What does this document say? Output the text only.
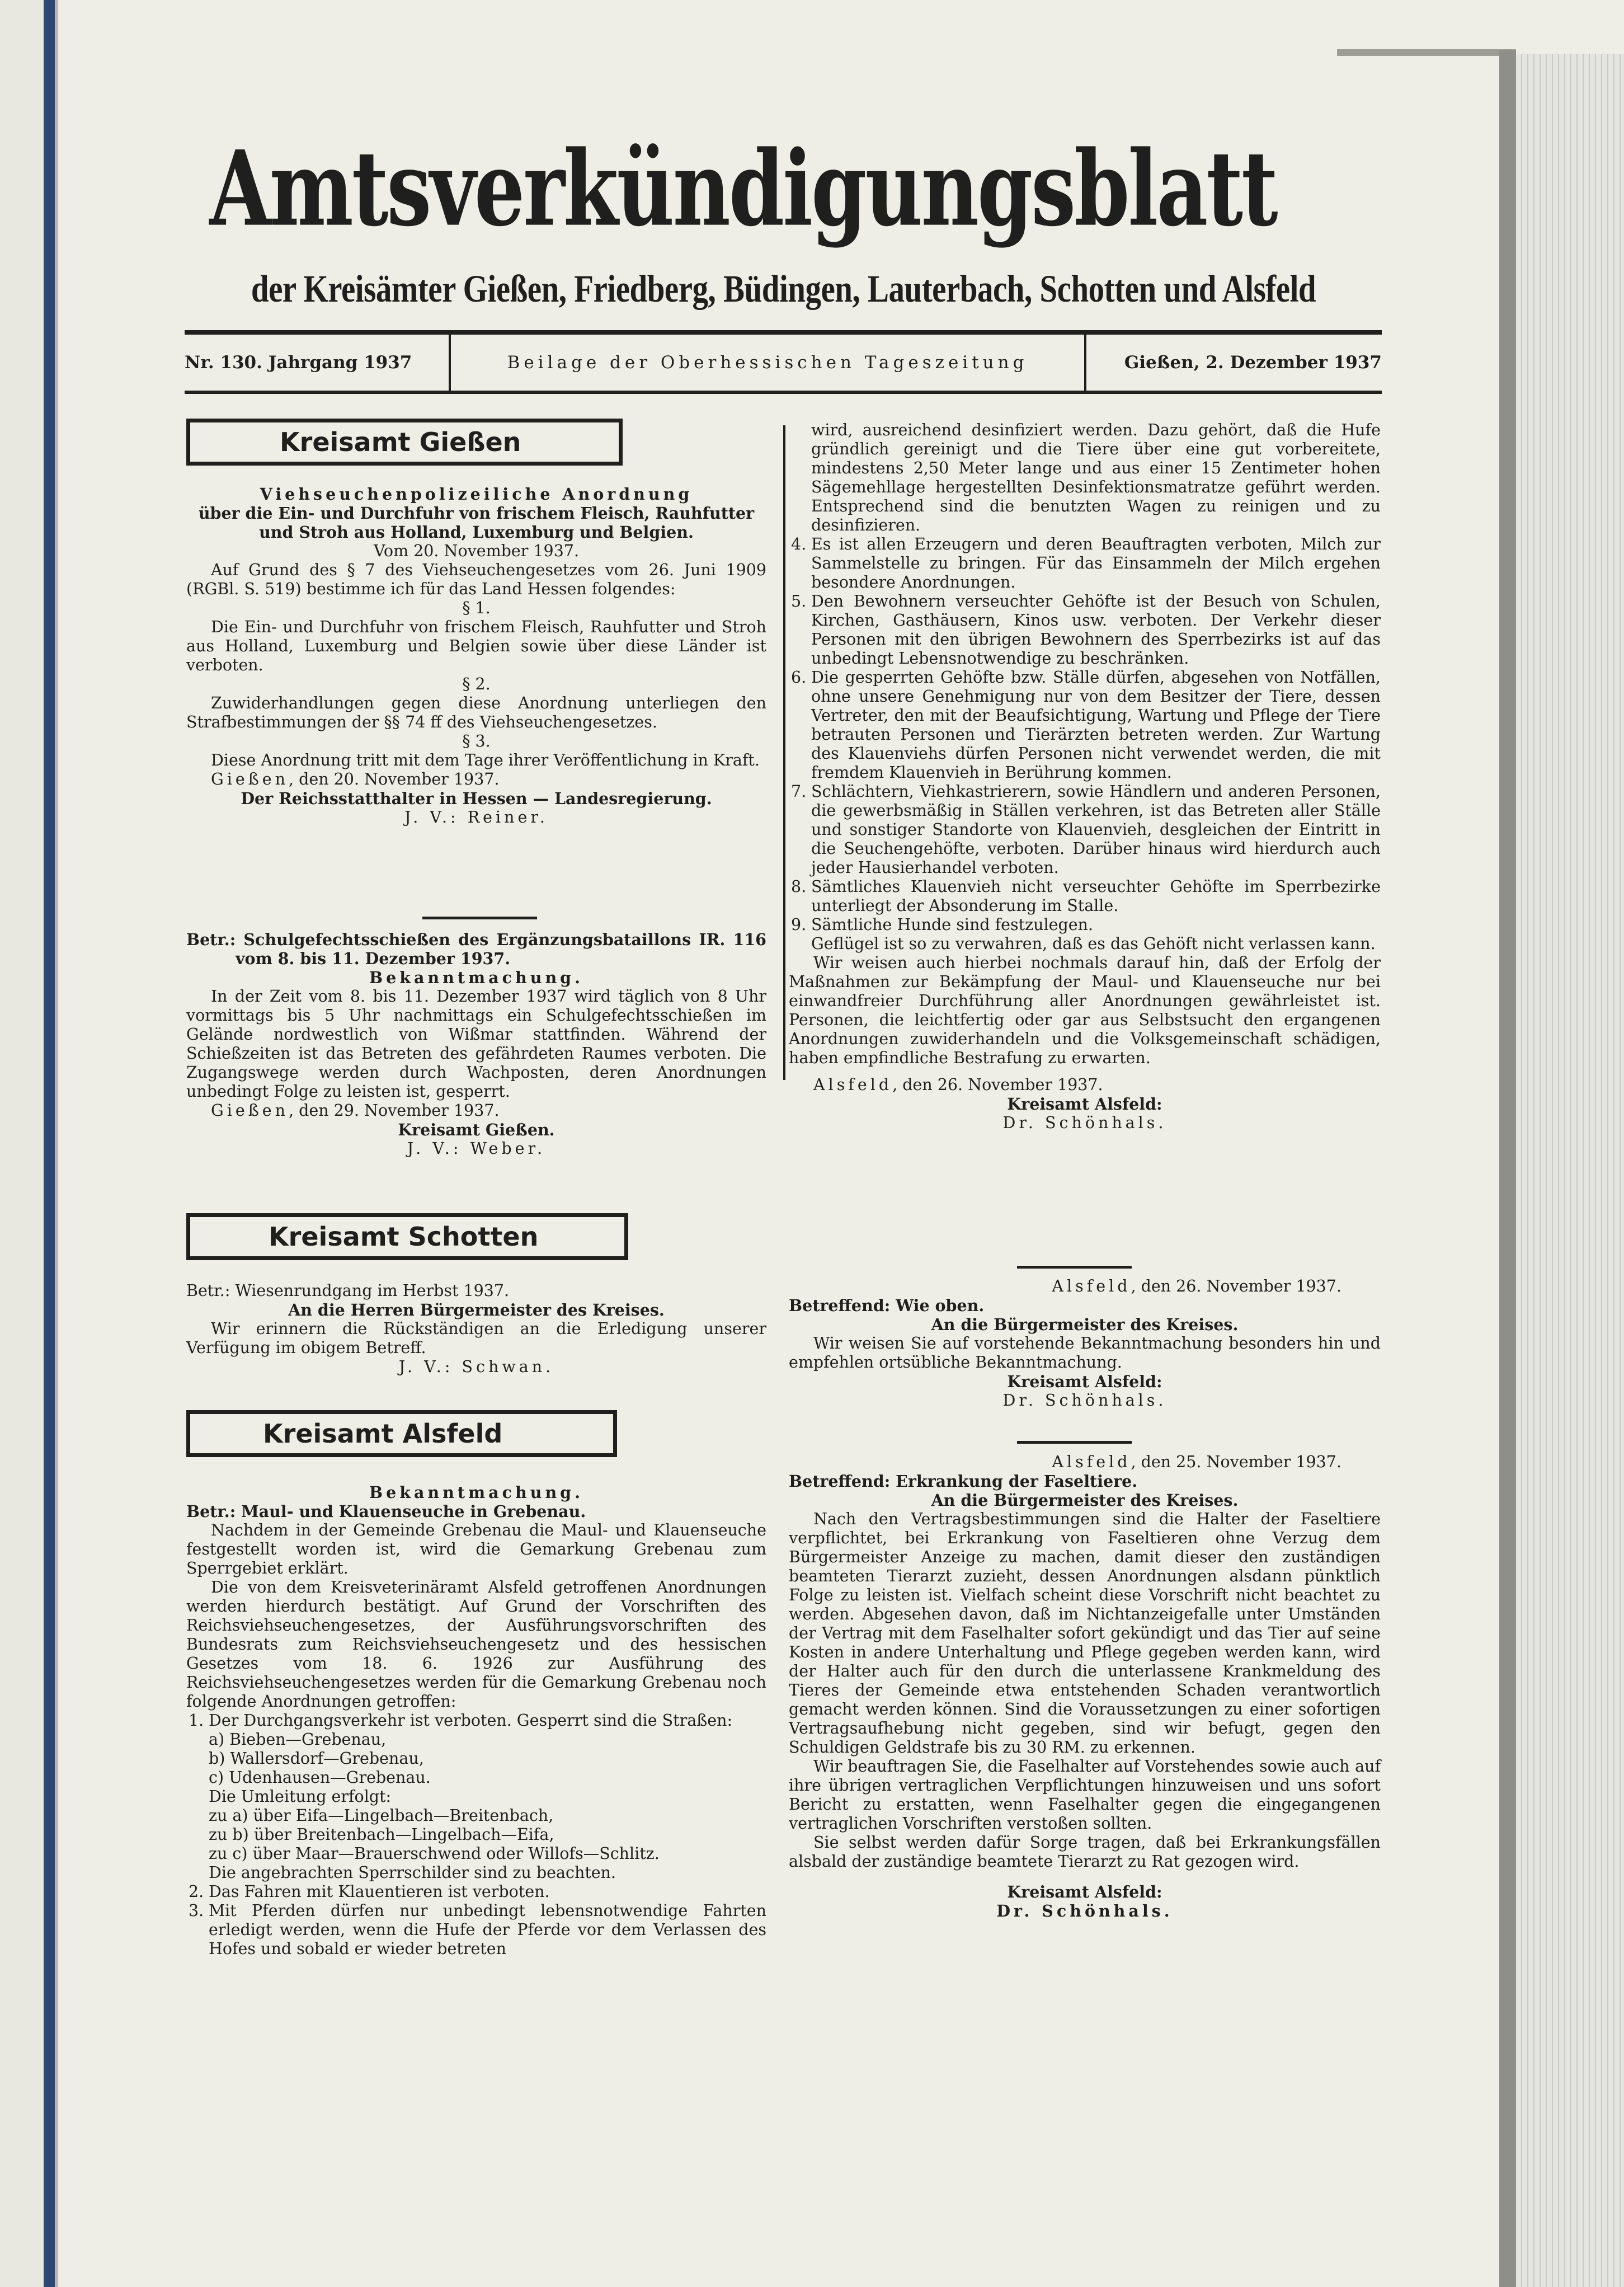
Amtsverkündigungsblatt
der Kreisämter Gießen, Friedberg, Büdingen, Lauterbach, Schotten und Alsfeld
Nr. 130. Jahrgang 1937	Beilage der Oberhessischen Tageszeitung	Gießen, 2. Dezember 1937
Kreisamt Gießen

Viehseuchenpolizeiliche Anordnung

über die Ein- und Durchfuhr von frischem Fleisch, Rauhfutter und Stroh aus Holland, Luxemburg und Belgien.

Vom 20. November 1937.

Auf Grund des § 7 des Viehseuchengesetzes vom 26. Juni 1909 (RGBl. S. 519) bestimme ich für das Land Hessen folgendes:

§ 1.

Die Ein- und Durchfuhr von frischem Fleisch, Rauhfutter und Stroh aus Holland, Luxemburg und Belgien sowie über diese Länder ist verboten.

§ 2.

Zuwiderhandlungen gegen diese Anordnung unterliegen den Strafbestimmungen der §§ 74 ff des Viehseuchengesetzes.

§ 3.

Diese Anordnung tritt mit dem Tage ihrer Veröffentlichung in Kraft.

Gießen, den 20. November 1937.

Der Reichsstatthalter in Hessen — Landesregierung.

J. V.: Reiner.

Betr.: Schulgefechtsschießen des Ergänzungsbataillons IR. 116 vom 8. bis 11. Dezember 1937.

Bekanntmachung.

In der Zeit vom 8. bis 11. Dezember 1937 wird täglich von 8 Uhr vormittags bis 5 Uhr nachmittags ein Schulgefechtsschießen im Gelände nordwestlich von Wißmar stattfinden. Während der Schießzeiten ist das Betreten des gefährdeten Raumes verboten. Die Zugangswege werden durch Wachposten, deren Anordnungen unbedingt Folge zu leisten ist, gesperrt.

Gießen, den 29. November 1937.

Kreisamt Gießen.

J. V.: Weber.

Kreisamt Schotten

Betr.: Wiesenrundgang im Herbst 1937.

An die Herren Bürgermeister des Kreises.

Wir erinnern die Rückständigen an die Erledigung unserer Verfügung im obigem Betreff.

J. V.: Schwan.

Kreisamt Alsfeld

Bekanntmachung.

Betr.: Maul- und Klauenseuche in Grebenau.

Nachdem in der Gemeinde Grebenau die Maul- und Klauenseuche festgestellt worden ist, wird die Gemarkung Grebenau zum Sperrgebiet erklärt.

Die von dem Kreisveterinäramt Alsfeld getroffenen Anordnungen werden hierdurch bestätigt. Auf Grund der Vorschriften des Reichsviehseuchengesetzes, der Ausführungsvorschriften des Bundesrats zum Reichsviehseuchengesetz und des hessischen Gesetzes vom 18. 6. 1926 zur Ausführung des Reichsviehseuchengesetzes werden für die Gemarkung Grebenau noch folgende Anordnungen getroffen:

1. Der Durchgangsverkehr ist verboten. Gesperrt sind die Straßen:

a) Bieben—Grebenau,

b) Wallersdorf—Grebenau,

c) Udenhausen—Grebenau.

Die Umleitung erfolgt:

zu a) über Eifa—Lingelbach—Breitenbach,

zu b) über Breitenbach—Lingelbach—Eifa,

zu c) über Maar—Brauerschwend oder Willofs—Schlitz.

Die angebrachten Sperrschilder sind zu beachten.

2. Das Fahren mit Klauentieren ist verboten.
3. Mit Pferden dürfen nur unbedingt lebensnotwendige Fahrten erledigt werden, wenn die Hufe der Pferde vor dem Verlassen des Hofes und sobald er wieder betreten

wird, ausreichend desinfiziert werden. Dazu gehört, daß die Hufe gründlich gereinigt und die Tiere über eine gut vorbereitete, mindestens 2,50 Meter lange und aus einer 15 Zentimeter hohen Sägemehllage hergestellten Desinfektionsmatratze geführt werden. Entsprechend sind die benutzten Wagen zu reinigen und zu desinfizieren.

4. Es ist allen Erzeugern und deren Beauftragten verboten, Milch zur Sammelstelle zu bringen. Für das Einsammeln der Milch ergehen besondere Anordnungen.
5. Den Bewohnern verseuchter Gehöfte ist der Besuch von Schulen, Kirchen, Gasthäusern, Kinos usw. verboten. Der Verkehr dieser Personen mit den übrigen Bewohnern des Sperrbezirks ist auf das unbedingt Lebensnotwendige zu beschränken.
6. Die gesperrten Gehöfte bzw. Ställe dürfen, abgesehen von Notfällen, ohne unsere Genehmigung nur von dem Besitzer der Tiere, dessen Vertreter, den mit der Beaufsichtigung, Wartung und Pflege der Tiere betrauten Personen und Tierärzten betreten werden. Zur Wartung des Klauenviehs dürfen Personen nicht verwendet werden, die mit fremdem Klauenvieh in Berührung kommen.
7. Schlächtern, Viehkastrierern, sowie Händlern und anderen Personen, die gewerbsmäßig in Ställen verkehren, ist das Betreten aller Ställe und sonstiger Standorte von Klauenvieh, desgleichen der Eintritt in die Seuchengehöfte, verboten. Darüber hinaus wird hierdurch auch jeder Hausierhandel verboten.
8. Sämtliches Klauenvieh nicht verseuchter Gehöfte im Sperrbezirke unterliegt der Absonderung im Stalle.
9. Sämtliche Hunde sind festzulegen.

Geflügel ist so zu verwahren, daß es das Gehöft nicht verlassen kann.

Wir weisen auch hierbei nochmals darauf hin, daß der Erfolg der Maßnahmen zur Bekämpfung der Maul- und Klauenseuche nur bei einwandfreier Durchführung aller Anordnungen gewährleistet ist. Personen, die leichtfertig oder gar aus Selbstsucht den ergangenen Anordnungen zuwiderhandeln und die Volksgemeinschaft schädigen, haben empfindliche Bestrafung zu erwarten.

Alsfeld, den 26. November 1937.

Kreisamt Alsfeld:

Dr. Schönhals.

Alsfeld, den 26. November 1937.

Betreffend: Wie oben.

An die Bürgermeister des Kreises.

Wir weisen Sie auf vorstehende Bekanntmachung besonders hin und empfehlen ortsübliche Bekanntmachung.

Kreisamt Alsfeld:

Dr. Schönhals.

Alsfeld, den 25. November 1937.

Betreffend: Erkrankung der Faseltiere.

An die Bürgermeister des Kreises.

Nach den Vertragsbestimmungen sind die Halter der Faseltiere verpflichtet, bei Erkrankung von Faseltieren ohne Verzug dem Bürgermeister Anzeige zu machen, damit dieser den zuständigen beamteten Tierarzt zuzieht, dessen Anordnungen alsdann pünktlich Folge zu leisten ist. Vielfach scheint diese Vorschrift nicht beachtet zu werden. Abgesehen davon, daß im Nichtanzeigefalle unter Umständen der Vertrag mit dem Faselhalter sofort gekündigt und das Tier auf seine Kosten in andere Unterhaltung und Pflege gegeben werden kann, wird der Halter auch für den durch die unterlassene Krankmeldung des Tieres der Gemeinde etwa entstehenden Schaden verantwortlich gemacht werden können. Sind die Voraussetzungen zu einer sofortigen Vertragsaufhebung nicht gegeben, sind wir befugt, gegen den Schuldigen Geldstrafe bis zu 30 RM. zu erkennen.

Wir beauftragen Sie, die Faselhalter auf Vorstehendes sowie auch auf ihre übrigen vertraglichen Verpflichtungen hinzuweisen und uns sofort Bericht zu erstatten, wenn Faselhalter gegen die eingegangenen vertraglichen Vorschriften verstoßen sollten.

Sie selbst werden dafür Sorge tragen, daß bei Erkrankungsfällen alsbald der zuständige beamtete Tierarzt zu Rat gezogen wird.

Kreisamt Alsfeld:

Dr. Schönhals.
